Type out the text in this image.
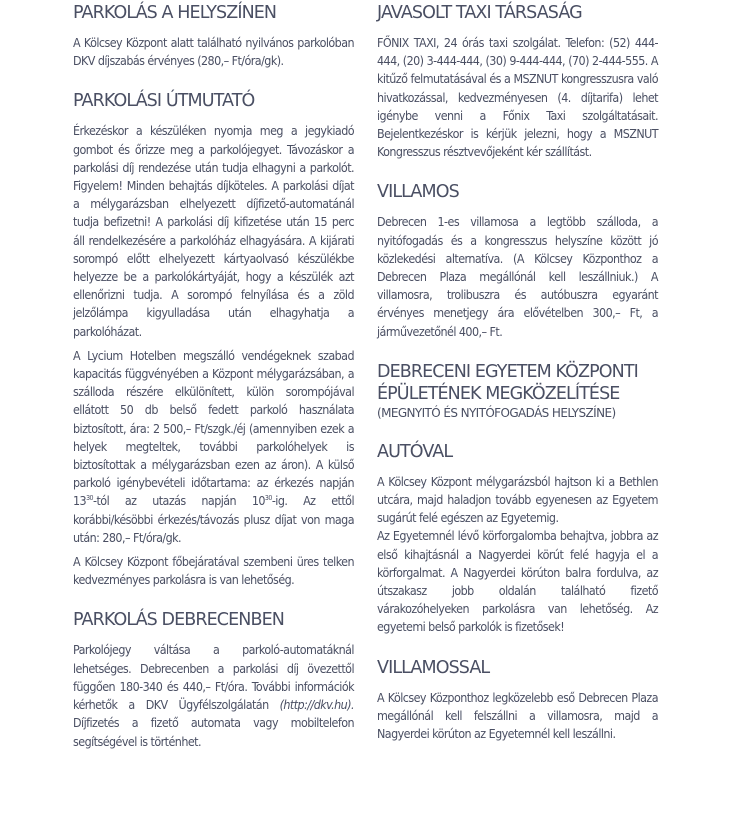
PARKOLÁS A HELYSZÍNEN

A Kölcsey Központ alatt található nyilvános parkolóban DKV díjszabás érvényes (280,– Ft/óra/gk).

PARKOLÁSI ÚTMUTATÓ

Érkezéskor a készüléken nyomja meg a jegykiadó gombot és őrizze meg a parkolójegyet. Távozáskor a parkolási díj rendezése után tudja elhagyni a parkolót. Figyelem! Minden behajtás díjköteles. A parkolási díjat a mélygarázsban elhelyezett díjfizető-automatánál tudja befizetni! A parkolási díj kifizetése után 15 perc áll rendelkezésére a parkolóház elhagyására. A kijárati sorompó előtt elhelyezett kártyaolvasó készülékbe helyezze be a parkolókártyáját, hogy a készülék azt ellenőrizni tudja. A sorompó felnyílása és a zöld jelzőlámpa kigyulladása után elhagyhatja a parkolóházat.

A Lycium Hotelben megszálló vendégeknek szabad kapacitás függvényében a Központ mélygarázsában, a szálloda részére elkülönített, külön sorompójával ellátott 50 db belső fedett parkoló használata biztosított, ára: 2 500,– Ft/szgk./éj (amennyiben ezek a helyek megteltek, további parkolóhelyek is biztosítottak a mélygarázsban ezen az áron). A külső parkoló igénybevételi időtartama: az érkezés napján $13^{30}$-tól az utazás napján $10^{30}-ig$. Az ettől korábbi/késöbbi érkezés/távozás plusz díjat von maga után: 280,– Ft/óra/gk.

A Kölcsey Központ főbejáratával szembeni üres telken kedvezményes parkolásra is van lehetőség.

PARKOLÁS DEBRECENBEN

Parkolójegy váltása a parkoló-automatáknál lehetséges. Debrecenben a parkolási díj övezettől függően 180-340 és 440,– Ft/óra. További információk kérhetők a DKV Ügyfélszolgálatán (http://dkv.hu). Díjfizetés a fizető automata vagy mobiltelefon segítségével is történhet.

JAVASOLT TAXI TÁRSASÁG

FŐNIX TAXI, 24 órás taxi szolgálat. Telefon: (52) 444-444, (20) 3-444-444, (30) 9-444-444, (70) 2-444-555. A kitűző felmutatásával és a MSZNUT kongresszusra való hivatkozással, kedvezményesen (4. díjtarifa) lehet igénybe venni a Főnix Taxi szolgáltatásait. Bejelentkezéskor is kérjük jelezni, hogy a MSZNUT Kongresszus résztvevőjeként kér szállítást.

VILLAMOS

Debrecen 1-es villamosa a legtöbb szálloda, a nyitófogadás és a kongresszus helyszíne között jó közlekedési alternatíva. (A Kölcsey Központhoz a Debrecen Plaza megállónál kell leszállniuk.) A villamosra, trolibuszra és autóbuszra egyaránt érvényes menetjegy ára elővételben 300,– Ft, a járművezetőnél 400,– Ft.

DEBRECENI EGYETEM KÖZPONTI
ÉPÜLETÉNEK MEGKÖZELÍTÉSE
(MEGNYITÓ ÉS NYITÓFOGADÁS HELYSZÍNE)
AUTÓVAL

A Kölcsey Központ mélygarázsból hajtson ki a Bethlen utcára, majd haladjon tovább egyenesen az Egyetem sugárút felé egészen az Egyetemig.

Az Egyetemnél lévő körforgalomba behajtva, jobbra az első kihajtásnál a Nagyerdei körút felé hagyja el a körforgalmat. A Nagyerdei körúton balra fordulva, az útszakasz jobb oldalán található fizető várakozóhelyeken parkolásra van lehetőség. Az egyetemi belső parkolók is fizetősek!

VILLAMOSSAL

A Kölcsey Központhoz legközelebb eső Debrecen Plaza megállónál kell felszállni a villamosra, majd a Nagyerdei körúton az Egyetemnél kell leszállni.
